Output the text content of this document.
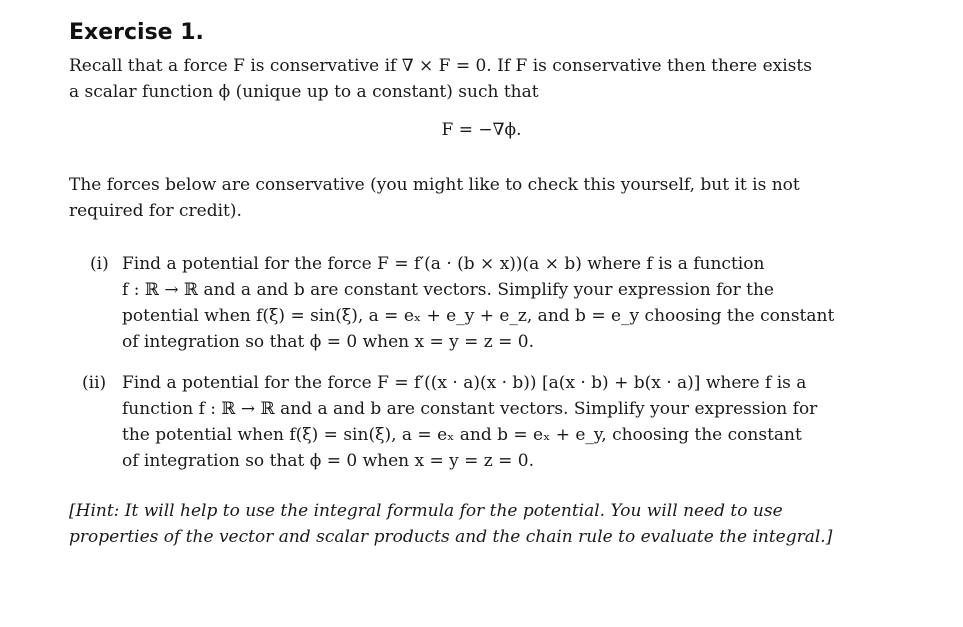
Exercise 1.
Recall that a force F is conservative if ∇ × F = 0. If F is conservative then there exists
a scalar function ϕ (unique up to a constant) such that
F = −∇ϕ.
The forces below are conservative (you might like to check this yourself, but it is not
required for credit).
(i) Find a potential for the force F = f′(a · (b × x))(a × b) where f is a function
f : ℝ → ℝ and a and b are constant vectors. Simplify your expression for the
potential when f(ξ) = sin(ξ), a = eₓ + e_y + e_z, and b = e_y choosing the constant
of integration so that ϕ = 0 when x = y = z = 0.
(ii) Find a potential for the force F = f′((x · a)(x · b)) [a(x · b) + b(x · a)] where f is a
function f : ℝ → ℝ and a and b are constant vectors. Simplify your expression for
the potential when f(ξ) = sin(ξ), a = eₓ and b = eₓ + e_y, choosing the constant
of integration so that ϕ = 0 when x = y = z = 0.
[Hint: It will help to use the integral formula for the potential. You will need to use
properties of the vector and scalar products and the chain rule to evaluate the integral.]
